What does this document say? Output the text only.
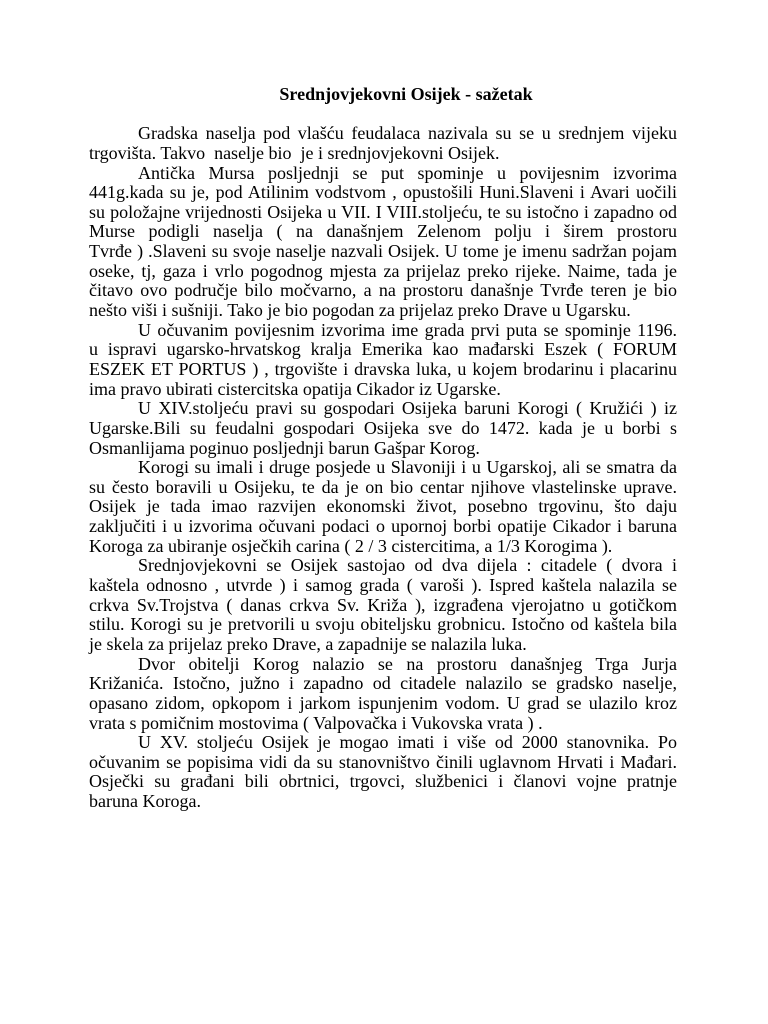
Srednjovjekovni Osijek - sažetak
Gradska naselja pod vlašću feudalaca nazivala su se u srednjem vijeku
trgovišta. Takvo  naselje bio  je i srednjovjekovni Osijek.
Antička Mursa posljednji se put spominje u povijesnim izvorima
441g.kada su je, pod Atilinim vodstvom , opustošili Huni.Slaveni i Avari uočili
su položajne vrijednosti Osijeka u VII. I VIII.stoljeću, te su istočno i zapadno od
Murse podigli naselja ( na današnjem Zelenom polju i širem prostoru
Tvrđe ) .Slaveni su svoje naselje nazvali Osijek. U tome je imenu sadržan pojam
oseke, tj, gaza i vrlo pogodnog mjesta za prijelaz preko rijeke. Naime, tada je
čitavo ovo područje bilo močvarno, a na prostoru današnje Tvrđe teren je bio
nešto viši i sušniji. Tako je bio pogodan za prijelaz preko Drave u Ugarsku.
U očuvanim povijesnim izvorima ime grada prvi puta se spominje 1196.
u ispravi ugarsko-hrvatskog kralja Emerika kao mađarski Eszek ( FORUM
ESZEK ET PORTUS ) , trgovište i dravska luka, u kojem brodarinu i placarinu
ima pravo ubirati cistercitska opatija Cikador iz Ugarske.
U XIV.stoljeću pravi su gospodari Osijeka baruni Korogi ( Kružići ) iz
Ugarske.Bili su feudalni gospodari Osijeka sve do 1472. kada je u borbi s
Osmanlijama poginuo posljednji barun Gašpar Korog.
Korogi su imali i druge posjede u Slavoniji i u Ugarskoj, ali se smatra da
su često boravili u Osijeku, te da je on bio centar njihove vlastelinske uprave.
Osijek je tada imao razvijen ekonomski život, posebno trgovinu, što daju
zaključiti i u izvorima očuvani podaci o upornoj borbi opatije Cikador i baruna
Koroga za ubiranje osječkih carina ( 2 / 3 cistercitima, a 1/3 Korogima ).
Srednjovjekovni se Osijek sastojao od dva dijela : citadele ( dvora i
kaštela odnosno , utvrde ) i samog grada ( varoši ). Ispred kaštela nalazila se
crkva Sv.Trojstva ( danas crkva Sv. Križa ), izgrađena vjerojatno u gotičkom
stilu. Korogi su je pretvorili u svoju obiteljsku grobnicu. Istočno od kaštela bila
je skela za prijelaz preko Drave, a zapadnije se nalazila luka.
Dvor obitelji Korog nalazio se na prostoru današnjeg Trga Jurja
Križanića. Istočno, južno i zapadno od citadele nalazilo se gradsko naselje,
opasano zidom, opkopom i jarkom ispunjenim vodom. U grad se ulazilo kroz
vrata s pomičnim mostovima ( Valpovačka i Vukovska vrata ) .
U XV. stoljeću Osijek je mogao imati i više od 2000 stanovnika. Po
očuvanim se popisima vidi da su stanovništvo činili uglavnom Hrvati i Mađari.
Osječki su građani bili obrtnici, trgovci, službenici i članovi vojne pratnje
baruna Koroga.
